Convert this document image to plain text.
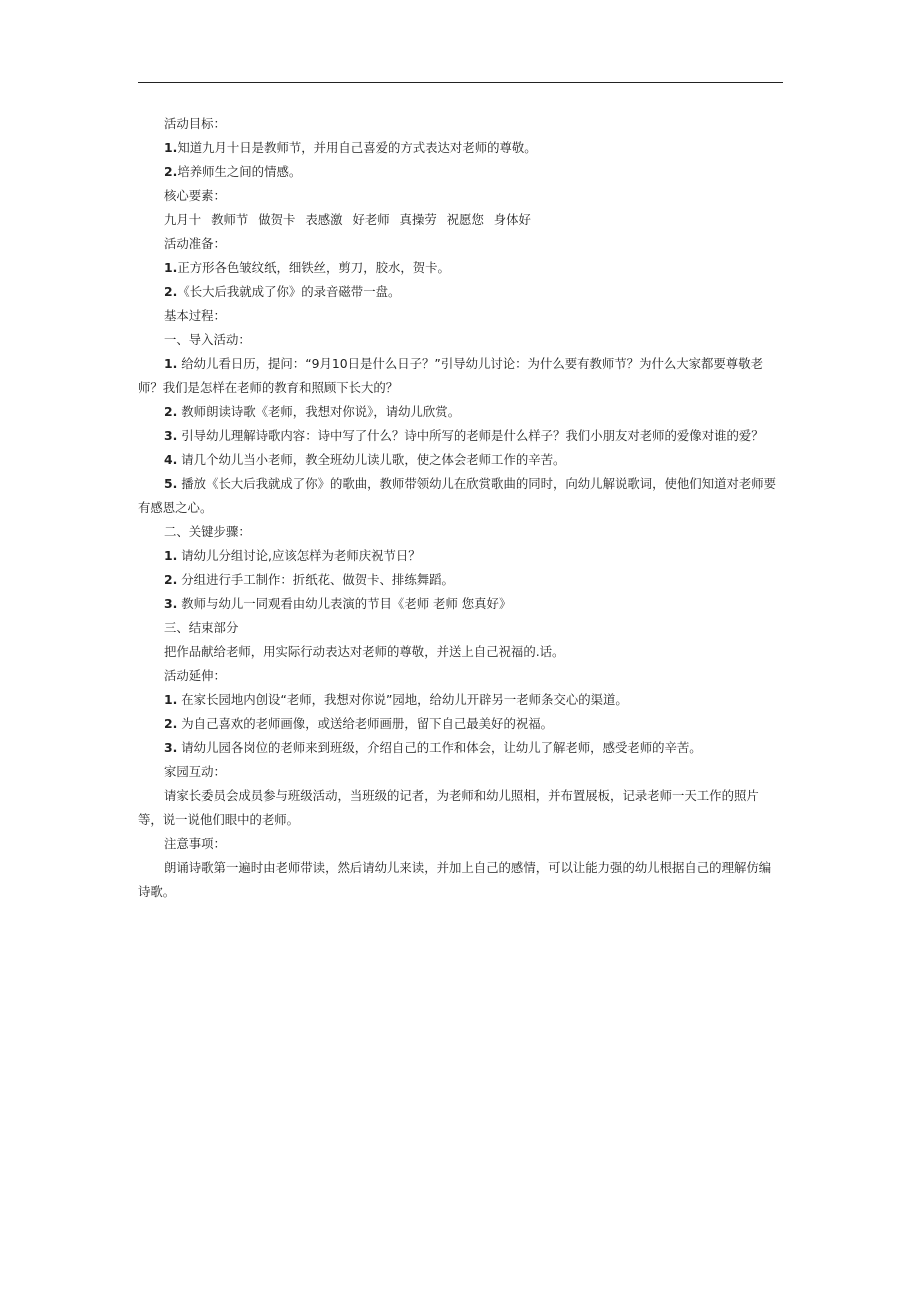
活动目标：
1.知道九月十日是教师节，并用自己喜爱的方式表达对老师的尊敬。
2.培养师生之间的情感。
核心要素：
九月十 教师节 做贺卡 表感激 好老师 真操劳 祝愿您 身体好
活动准备：
1.正方形各色皱纹纸，细铁丝，剪刀，胶水，贺卡。
2.《长大后我就成了你》的录音磁带一盘。
基本过程：
一、导入活动：
1. 给幼儿看日历，提问：“9月10日是什么日子？”引导幼儿讨论：为什么要有教师节？为什么大家都要尊敬老师？我们是怎样在老师的教育和照顾下长大的？
2. 教师朗读诗歌《老师，我想对你说》，请幼儿欣赏。
3. 引导幼儿理解诗歌内容：诗中写了什么？诗中所写的老师是什么样子？我们小朋友对老师的爱像对谁的爱？
4. 请几个幼儿当小老师，教全班幼儿读儿歌，使之体会老师工作的辛苦。
5. 播放《长大后我就成了你》的歌曲，教师带领幼儿在欣赏歌曲的同时，向幼儿解说歌词，使他们知道对老师要有感恩之心。
二、关键步骤：
1. 请幼儿分组讨论,应该怎样为老师庆祝节日？
2. 分组进行手工制作：折纸花、做贺卡、排练舞蹈。
3. 教师与幼儿一同观看由幼儿表演的节目《老师 老师 您真好》
三、结束部分
把作品献给老师，用实际行动表达对老师的尊敬，并送上自己祝福的.话。
活动延伸：
1. 在家长园地内创设“老师，我想对你说”园地，给幼儿开辟另一老师条交心的渠道。
2. 为自己喜欢的老师画像，或送给老师画册，留下自己最美好的祝福。
3. 请幼儿园各岗位的老师来到班级，介绍自己的工作和体会，让幼儿了解老师，感受老师的辛苦。
家园互动：
请家长委员会成员参与班级活动，当班级的记者，为老师和幼儿照相，并布置展板，记录老师一天工作的照片等，说一说他们眼中的老师。
注意事项：
朗诵诗歌第一遍时由老师带读，然后请幼儿来读，并加上自己的感情，可以让能力强的幼儿根据自己的理解仿编诗歌。
